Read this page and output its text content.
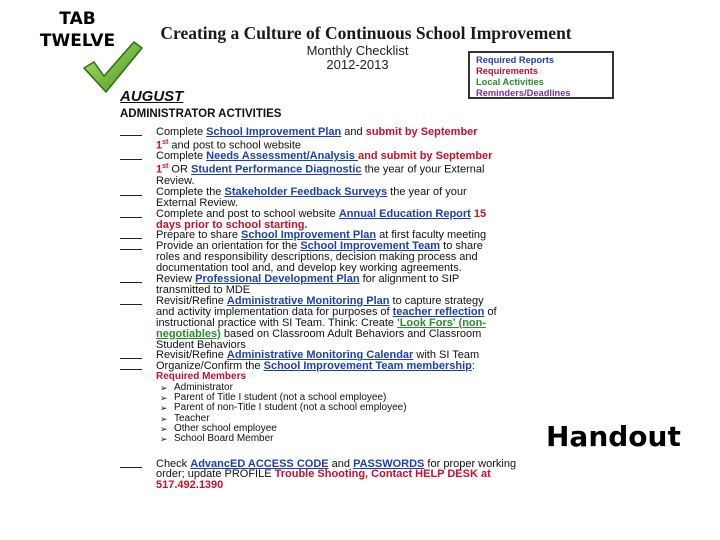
TAB
TWELVE	Creating a Culture of Continuous School Improvement
Monthly Checklist
2012-2013	Required Reports
Requirements
Local Activities
Reminders/Deadlines
AUGUST
ADMINISTRATOR ACTIVITIES
Complete School Improvement Plan and submit by September
1st and post to school website
Complete Needs Assessment/Analysis and submit by September
1st OR Student Performance Diagnostic the year of your External
Review.
Complete the Stakeholder Feedback Surveys the year of your
External Review.
Complete and post to school website Annual Education Report 15
days prior to school starting.
Prepare to share School Improvement Plan at first faculty meeting
Provide an orientation for the School Improvement Team to share
roles and responsibility descriptions, decision making process and
documentation tool and, and develop key working agreements.
Review Professional Development Plan for alignment to SIP
transmitted to MDE
Revisit/Refine Administrative Monitoring Plan to capture strategy
and activity implementation data for purposes of teacher reflection of
instructional practice with SI Team. Think: Create 'Look Fors' (non-
negotiables) based on Classroom Adult Behaviors and Classroom
Student Behaviors
Revisit/Refine Administrative Monitoring Calendar with SI Team
Organize/Confirm the School Improvement Team membership:
Required Members
➢ Administrator
➢ Parent of Title I student (not a school employee)
➢ Parent of non-Title I student (not a school employee)
➢ Teacher
➢ Other school employee
➢ School Board Member
Check AdvancED ACCESS CODE and PASSWORDS for proper working
order; update PROFILE Trouble Shooting, Contact HELP DESK at
517.492.1390
Handout
